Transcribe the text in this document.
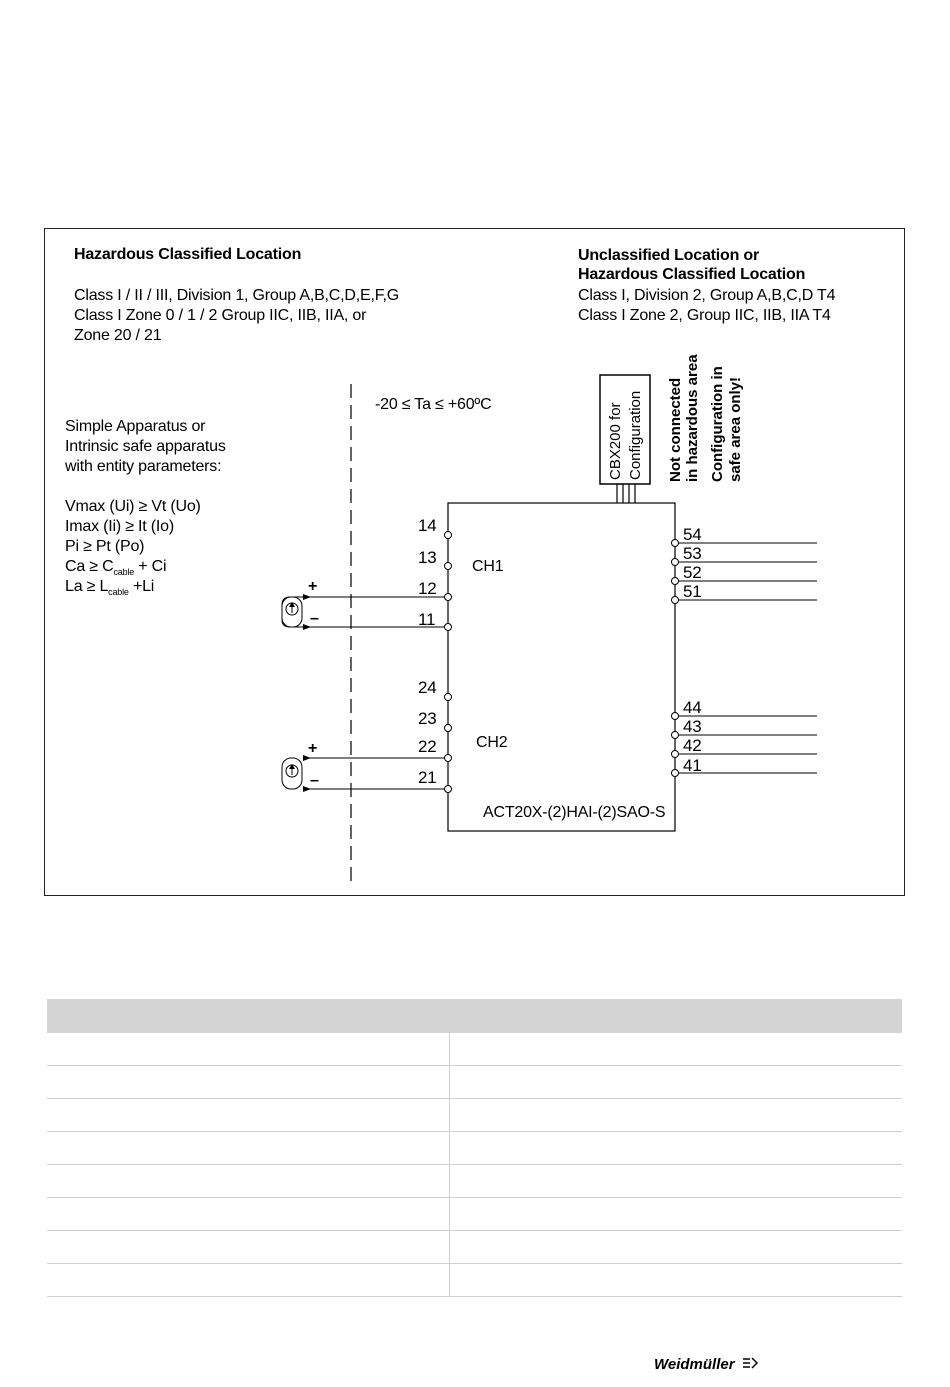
Hazardous Classified Location
Class I / II / III, Division 1, Group A,B,C,D,E,F,G
Class I Zone 0 / 1 / 2 Group IIC, IIB, IIA, or
Zone 20 / 21
Unclassified Location or
Hazardous Classified Location
Class I, Division 2, Group A,B,C,D T4
Class I Zone 2, Group IIC, IIB, IIA T4
-20 ≤ Ta ≤ +60ºC
Simple Apparatus or
Intrinsic safe apparatus
with entity parameters:
Vmax (Ui) ≥ Vt (Uo)
Imax (Ii) ≥ It (Io)
Pi ≥ Pt (Po)
$Ca \ge C_{cable} + Ci$
$La \ge L_{cable} +Li$
CBX200 for Configuration Not connected in hazardous area Configuration in safe area only!
14
13
12
11
24
23
22
21
54
53
52
51
44
43
42
41
CH1
CH2
+
–
+
–
ACT20X-(2)HAI-(2)SAO-S

Weidmüller
